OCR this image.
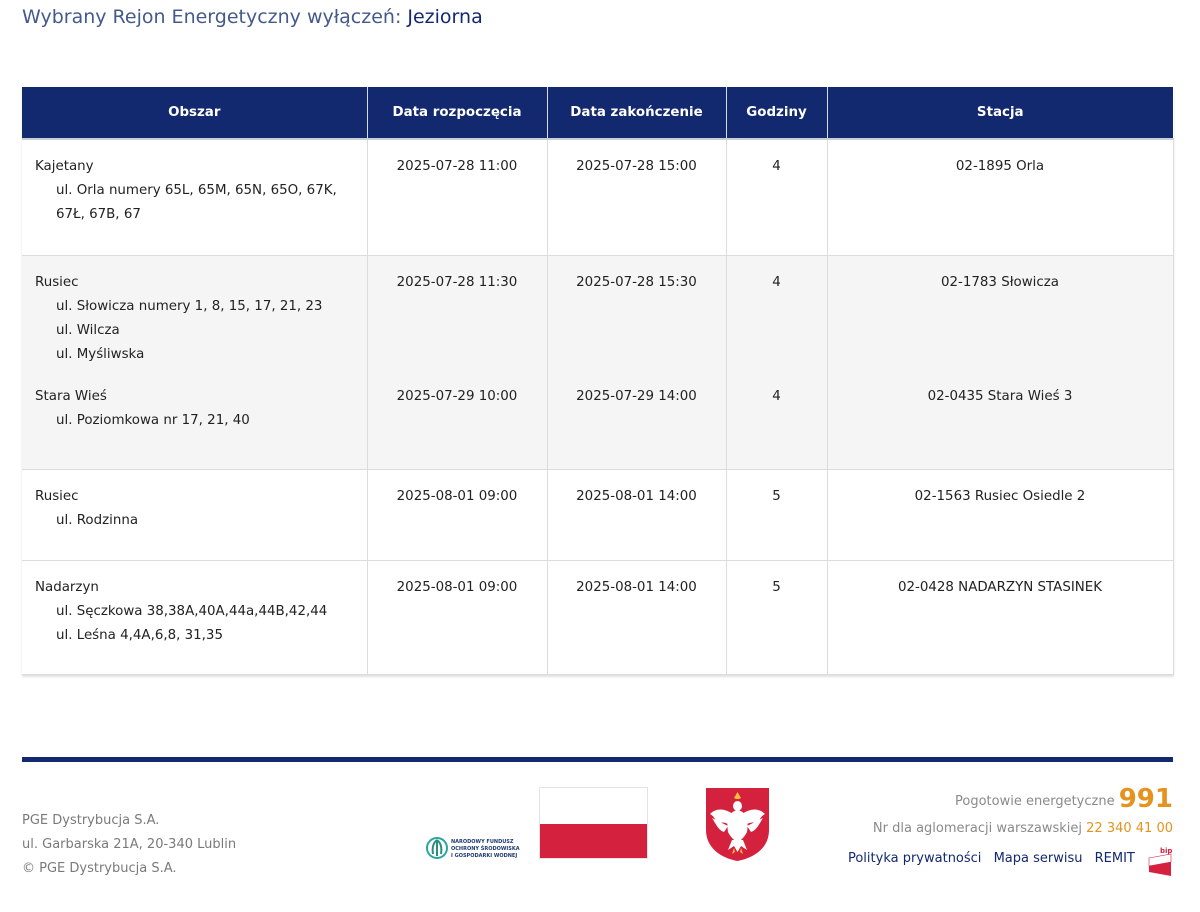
Wybrany Rejon Energetyczny wyłączeń: Jeziorna
Obszar	Data rozpoczęcia	Data zakończenie	Godziny	Stacja

Kajetany
ul. Orla numery 65L, 65M, 65N, 65O, 67K,
67Ł, 67B, 67	2025-07-28 11:00	2025-07-28 15:00	4	02-1895 Orla

Rusiec
ul. Słowicza numery 1, 8, 15, 17, 21, 23
ul. Wilcza
ul. Myśliwska	2025-07-28 11:30	2025-07-28 15:30	4	02-1783 Słowicza

Stara Wieś
ul. Poziomkowa nr 17, 21, 40	2025-07-29 10:00	2025-07-29 14:00	4	02-0435 Stara Wieś 3

Rusiec
ul. Rodzinna	2025-08-01 09:00	2025-08-01 14:00	5	02-1563 Rusiec Osiedle 2

Nadarzyn
ul. Sęczkowa 38,38A,40A,44a,44B,42,44
ul. Leśna 4,4A,6,8, 31,35	2025-08-01 09:00	2025-08-01 14:00	5	02-0428 NADARZYN STASINEK
PGE Dystrybucja S.A.
ul. Garbarska 21A, 20-340 Lublin
© PGE Dystrybucja S.A.
NARODOWY FUNDUSZ
OCHRONY ŚRODOWISKA
I GOSPODARKI WODNEJ
Pogotowie energetyczne 991
Nr dla aglomeracji warszawskiej 22 340 41 00
Polityka prywatności Mapa serwisu REMIT	bip
